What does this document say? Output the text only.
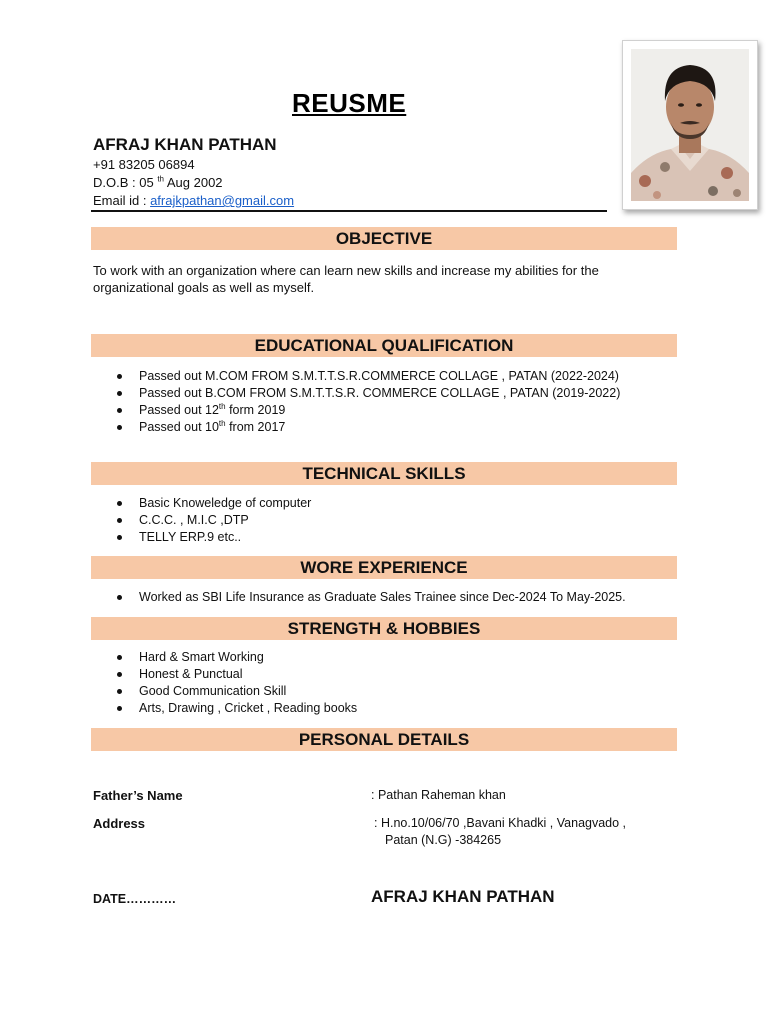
REUSME
AFRAJ KHAN PATHAN
+91 83205 06894
D.O.B : 05 $^{th}$ Aug 2002
Email id : afrajkpathan@gmail.com
OBJECTIVE
To work with an organization where can learn new skills and increase my abilities for the organizational goals as well as myself.
EDUCATIONAL QUALIFICATION
Passed out M.COM FROM S.M.T.T.S.R.COMMERCE COLLAGE , PATAN (2022-2024)
Passed out B.COM FROM S.M.T.T.S.R. COMMERCE COLLAGE , PATAN (2019-2022)
Passed out 12th form 2019
Passed out 10th from 2017
TECHNICAL SKILLS
Basic Knoweledge of computer
C.C.C. , M.I.C ,DTP
TELLY ERP.9 etc..
WORE EXPERIENCE
Worked as SBI Life Insurance as Graduate Sales Trainee since Dec-2024 To May-2025.
STRENGTH & HOBBIES
Hard & Smart Working
Honest & Punctual
Good Communication Skill
Arts, Drawing , Cricket , Reading books
PERSONAL DETAILS
Father’s Name	: Pathan Raheman khan
Address	: H.no.10/06/70 ,Bavani Khadki , Vanagvado ,
Patan (N.G) -384265
DATE…………	AFRAJ KHAN PATHAN
